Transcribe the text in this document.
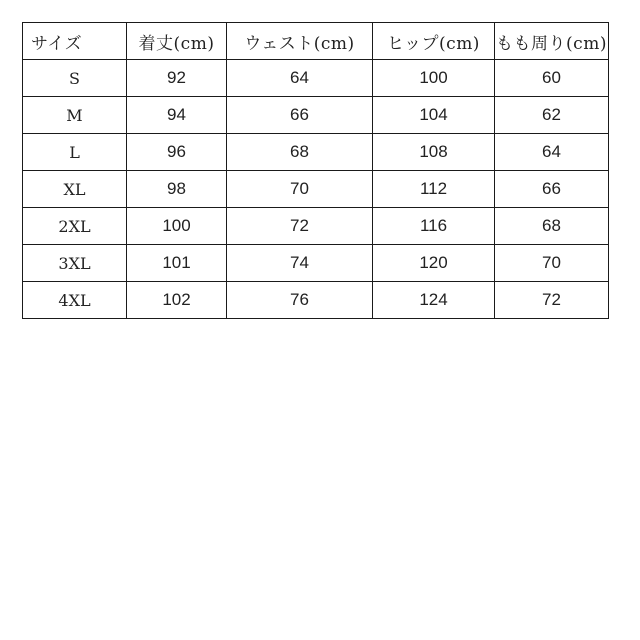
サイズ	着丈(cm)	ウェスト(cm)	ヒップ(cm)	もも周り(cm)
S	92	64	100	60
M	94	66	104	62
L	96	68	108	64
XL	98	70	112	66
2XL	100	72	116	68
3XL	101	74	120	70
4XL	102	76	124	72
